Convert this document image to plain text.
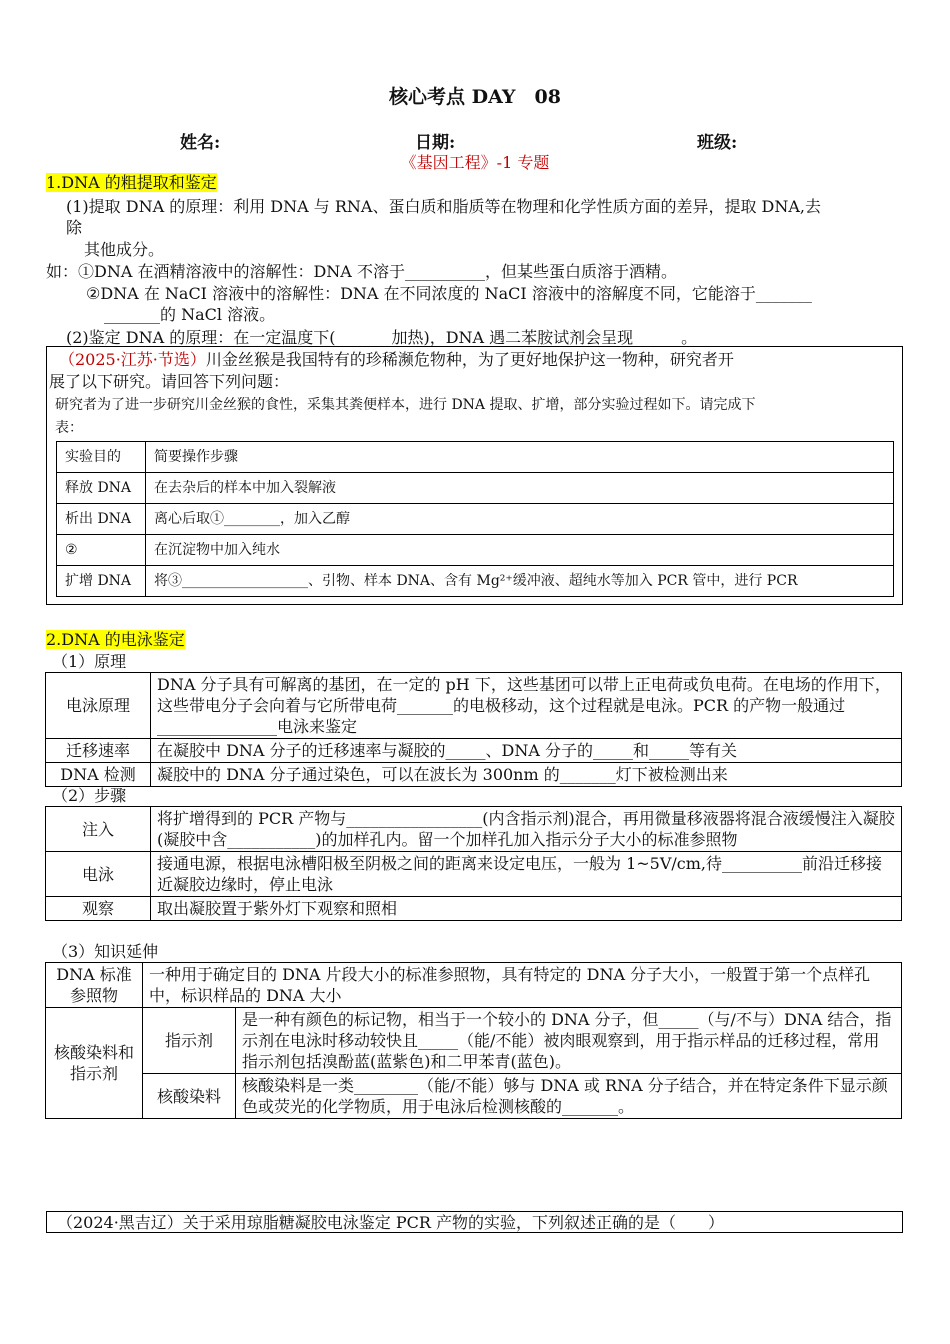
核心考点 DAY　08
姓名:	日期:	班级:
《基因工程》-1 专题
1.DNA 的粗提取和鉴定
(1)提取 DNA 的原理：利用 DNA 与 RNA、蛋白质和脂质等在物理和化学性质方面的差异，提取 DNA,去
除
其他成分。
如：①DNA 在酒精溶液中的溶解性：DNA 不溶于__________，但某些蛋白质溶于酒精。
②DNA 在 NaCI 溶液中的溶解性：DNA 在不同浓度的 NaCI 溶液中的溶解度不同，它能溶于_______
_______的 NaCl 溶液。
(2)鉴定 DNA 的原理：在一定温度下(_______加热)，DNA 遇二苯胺试剂会呈现______。
（2025·江苏·节选）川金丝猴是我国特有的珍稀濒危物种，为了更好地保护这一物种，研究者开
展了以下研究。请回答下列问题：
研究者为了进一步研究川金丝猴的食性，采集其粪便样本，进行 DNA 提取、扩增，部分实验过程如下。请完成下
表：
实验目的	简要操作步骤
释放 DNA	在去杂后的样本中加入裂解液
析出 DNA	离心后取①________，加入乙醇
②	在沉淀物中加入纯水
扩增 DNA	将③__________________、引物、样本 DNA、含有 Mg²⁺缓冲液、超纯水等加入 PCR 管中，进行 PCR
2.DNA 的电泳鉴定
（1）原理
电泳原理	DNA 分子具有可解离的基团，在一定的 pH 下，这些基团可以带上正电荷或负电荷。在电场的作用下，这些带电分子会向着与它所带电荷_______的电极移动，这个过程就是电泳。PCR 的产物一般通过_______________电泳来鉴定
迁移速率	在凝胶中 DNA 分子的迁移速率与凝胶的_____、DNA 分子的_____和_____等有关
DNA 检测	凝胶中的 DNA 分子通过染色，可以在波长为 300nm 的_______灯下被检测出来
（2）步骤
注入	将扩增得到的 PCR 产物与_________________(内含指示剂)混合，再用微量移液器将混合液缓慢注入凝胶(凝胶中含___________)的加样孔内。留一个加样孔加入指示分子大小的标准参照物
电泳	接通电源，根据电泳槽阳极至阴极之间的距离来设定电压，一般为 1~5V/cm,待__________前沿迁移接近凝胶边缘时，停止电泳
观察	取出凝胶置于紫外灯下观察和照相
（3）知识延伸
DNA 标准参照物	一种用于确定目的 DNA 片段大小的标准参照物，具有特定的 DNA 分子大小，一般置于第一个点样孔中，标识样品的 DNA 大小	
核酸染料和指示剂	指示剂	是一种有颜色的标记物，相当于一个较小的 DNA 分子，但_____（与/不与）DNA 结合，指示剂在电泳时移动较快且_____（能/不能）被肉眼观察到，用于指示样品的迁移过程，常用指示剂包括溴酚蓝(蓝紫色)和二甲苯青(蓝色)。
	核酸染料	核酸染料是一类________（能/不能）够与 DNA 或 RNA 分子结合，并在特定条件下显示颜色或荧光的化学物质，用于电泳后检测核酸的_______。
（2024·黑吉辽）关于采用琼脂糖凝胶电泳鉴定 PCR 产物的实验，下列叙述正确的是（　　）
